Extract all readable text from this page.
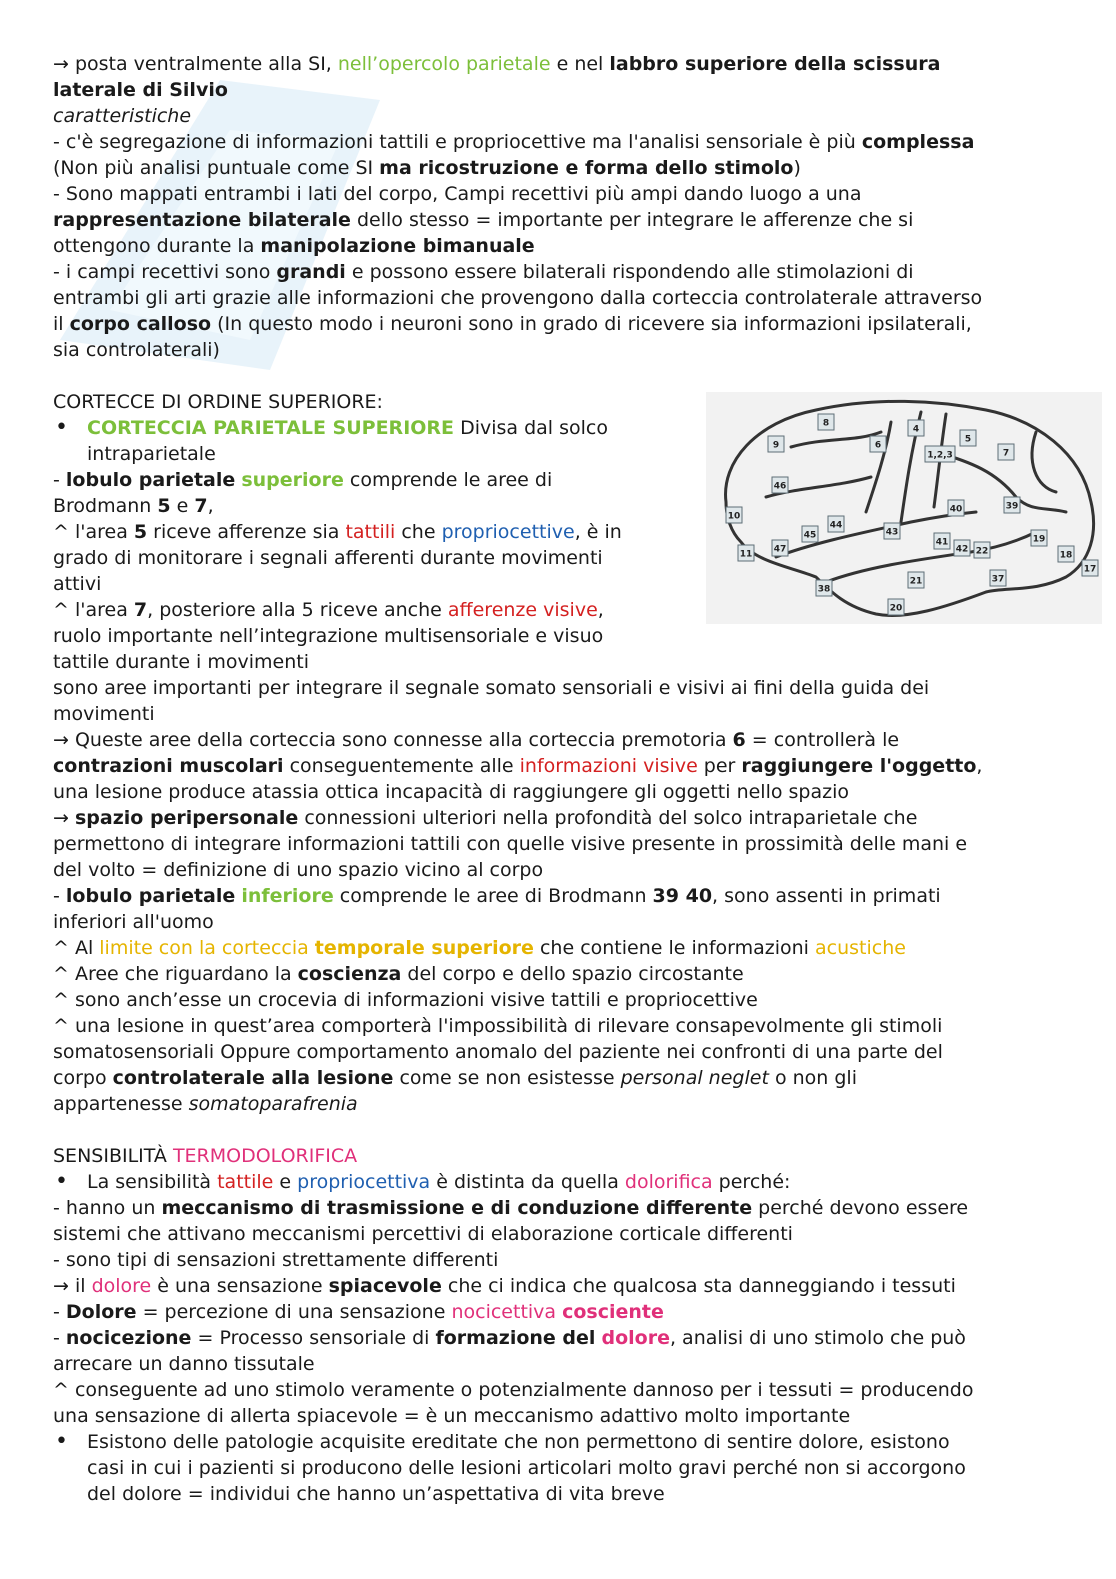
→ posta ventralmente alla SI, nell’opercolo parietale e nel labbro superiore della scissura
laterale di Silvio
caratteristiche
- c'è segregazione di informazioni tattili e propriocettive ma l'analisi sensoriale è più complessa
(Non più analisi puntuale come SI ma ricostruzione e forma dello stimolo)
- Sono mappati entrambi i lati del corpo, Campi recettivi più ampi dando luogo a una
rappresentazione bilaterale dello stesso = importante per integrare le afferenze che si
ottengono durante la manipolazione bimanuale
- i campi recettivi sono grandi e possono essere bilaterali rispondendo alle stimolazioni di
entrambi gli arti grazie alle informazioni che provengono dalla corteccia controlaterale attraverso
il corpo calloso (In questo modo i neuroni sono in grado di ricevere sia informazioni ipsilaterali,
sia controlaterali)
CORTECCE DI ORDINE SUPERIORE:
• CORTECCIA PARIETALE SUPERIORE Divisa dal solco
intraparietale
- lobulo parietale superiore comprende le aree di
Brodmann 5 e 7,
^ l'area 5 riceve afferenze sia tattili che propriocettive, è in
grado di monitorare i segnali afferenti durante movimenti
attivi
^ l'area 7, posteriore alla 5 riceve anche afferenze visive,
ruolo importante nell’integrazione multisensoriale e visuo
tattile durante i movimenti
sono aree importanti per integrare il segnale somato sensoriali e visivi ai fini della guida dei
movimenti
→ Queste aree della corteccia sono connesse alla corteccia premotoria 6 = controllerà le
contrazioni muscolari conseguentemente alle informazioni visive per raggiungere l'oggetto,
una lesione produce atassia ottica incapacità di raggiungere gli oggetti nello spazio
→ spazio peripersonale connessioni ulteriori nella profondità del solco intraparietale che
permettono di integrare informazioni tattili con quelle visive presente in prossimità delle mani e
del volto = definizione di uno spazio vicino al corpo
- lobulo parietale inferiore comprende le aree di Brodmann 39 40, sono assenti in primati
inferiori all'uomo
^ Al limite con la corteccia temporale superiore che contiene le informazioni acustiche
^ Aree che riguardano la coscienza del corpo e dello spazio circostante
^ sono anch’esse un crocevia di informazioni visive tattili e propriocettive
^ una lesione in quest’area comporterà l'impossibilità di rilevare consapevolmente gli stimoli
somatosensoriali Oppure comportamento anomalo del paziente nei confronti di una parte del
corpo controlaterale alla lesione come se non esistesse personal neglet o non gli
appartenesse somatoparafrenia
SENSIBILITÀ TERMODOLORIFICA
• La sensibilità tattile e propriocettiva è distinta da quella dolorifica perché:
- hanno un meccanismo di trasmissione e di conduzione differente perché devono essere
sistemi che attivano meccanismi percettivi di elaborazione corticale differenti
- sono tipi di sensazioni strettamente differenti
→ il dolore è una sensazione spiacevole che ci indica che qualcosa sta danneggiando i tessuti
- Dolore = percezione di una sensazione nocicettiva cosciente
- nocicezione = Processo sensoriale di formazione del dolore, analisi di uno stimolo che può
arrecare un danno tissutale
^ conseguente ad uno stimolo veramente o potenzialmente dannoso per i tessuti = producendo
una sensazione di allerta spiacevole = è un meccanismo adattivo molto importante
• Esistono delle patologie acquisite ereditate che non permettono di sentire dolore, esistono
casi in cui i pazienti si producono delle lesioni articolari molto gravi perché non si accorgono
del dolore = individui che hanno un’aspettativa di vita breve
8
4
9	6
5
1,2,3	7
46
40	39
10
44
43
45
41
42 22
19
11 47
18
17
38
21	37
20
